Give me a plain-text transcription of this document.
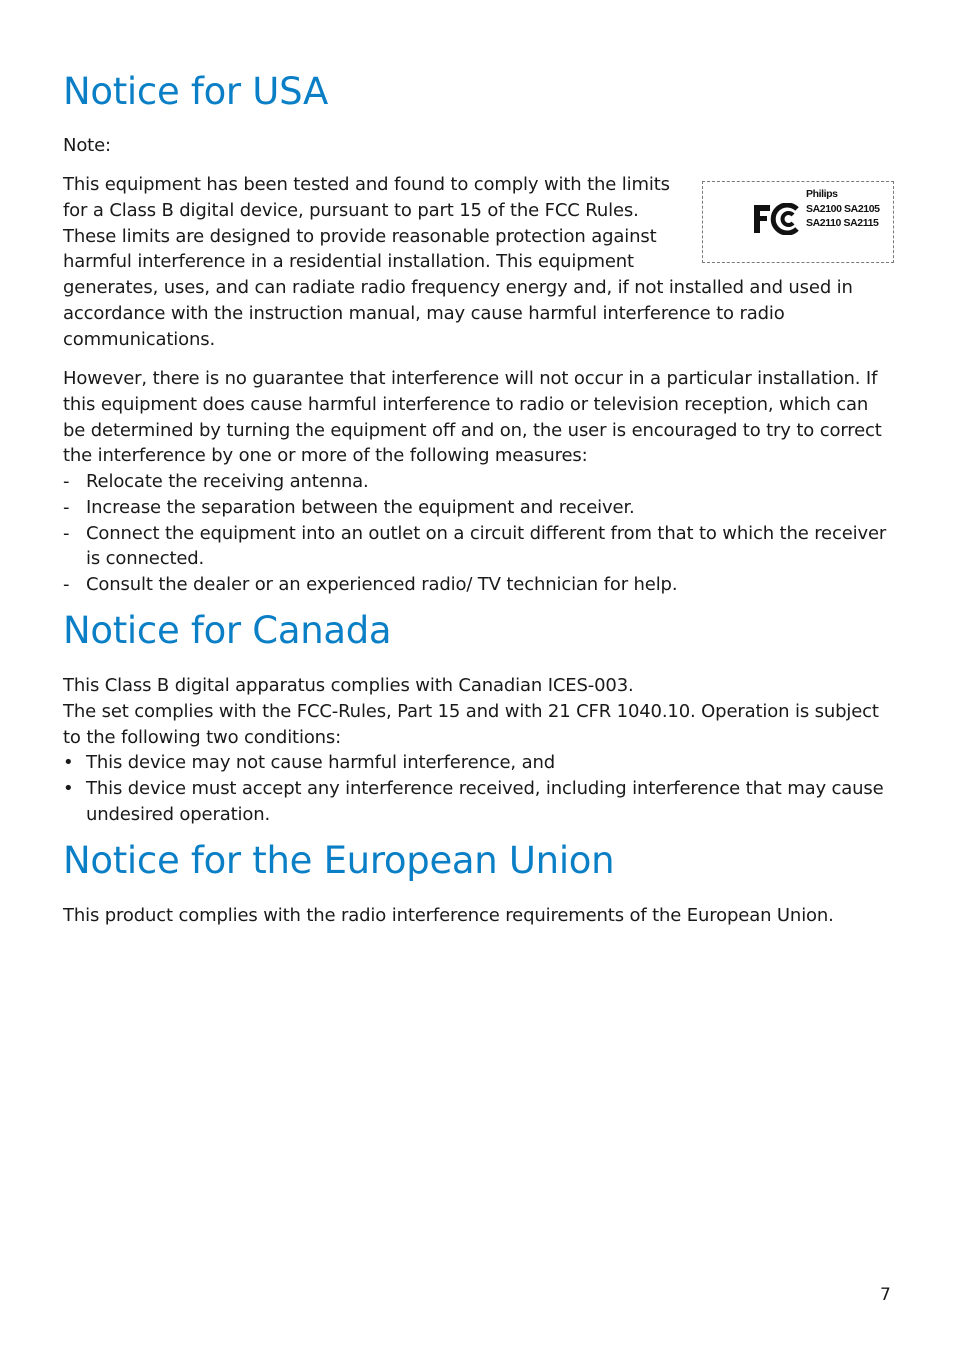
Notice for USA

Note:

Philips
SA2100 SA2105
SA2110 SA2115

This equipment has been tested and found to comply with the limits
for a Class B digital device, pursuant to part 15 of the FCC Rules.
These limits are designed to provide reasonable protection against
harmful interference in a residential installation. This equipment
generates, uses, and can radiate radio frequency energy and, if not installed and used in accordance with the instruction manual, may cause harmful interference to radio communications.

However, there is no guarantee that interference will not occur in a particular installation. If this equipment does cause harmful interference to radio or television reception, which can be determined by turning the equipment off and on, the user is encouraged to try to correct the interference by one or more of the following measures:

- Relocate the receiving antenna.
- Increase the separation between the equipment and receiver.
- Connect the equipment into an outlet on a circuit different from that to which the receiver is connected.
- Consult the dealer or an experienced radio/ TV technician for help.
Notice for Canada

This Class B digital apparatus complies with Canadian ICES-003.

The set complies with the FCC-Rules, Part 15 and with 21 CFR 1040.10. Operation is subject to the following two conditions:

• This device may not cause harmful interference, and
• This device must accept any interference received, including interference that may cause undesired operation.
Notice for the European Union

This product complies with the radio interference requirements of the European Union.

7
